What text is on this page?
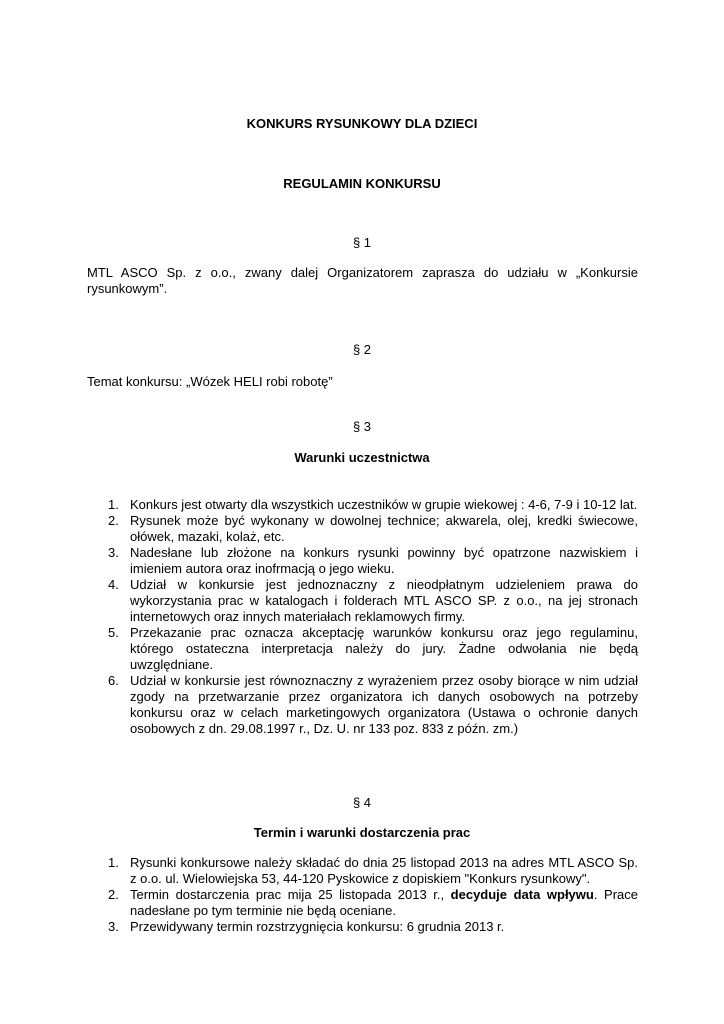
KONKURS RYSUNKOWY DLA DZIECI

REGULAMIN KONKURSU

§ 1

MTL ASCO Sp. z o.o., zwany dalej Organizatorem zaprasza do udziału w „Konkursie rysunkowym”.

§ 2

Temat konkursu: „Wózek HELI robi robotę”

§ 3

Warunki uczestnictwa

1. Konkurs jest otwarty dla wszystkich uczestników w grupie wiekowej : 4-6, 7-9 i 10-12 lat.
2. Rysunek może być wykonany w dowolnej technice; akwarela, olej, kredki świecowe, ołówek, mazaki, kolaż, etc.
3. Nadesłane lub złożone na konkurs rysunki powinny być opatrzone nazwiskiem i imieniem autora oraz inofrmacją o jego wieku.
4. Udział w konkursie jest jednoznaczny z nieodpłatnym udzieleniem prawa do wykorzystania prac w katalogach i folderach MTL ASCO SP. z o.o., na jej stronach internetowych oraz innych materiałach reklamowych firmy.
5. Przekazanie prac oznacza akceptację warunków konkursu oraz jego regulaminu, którego ostateczna interpretacja należy do jury. Żadne odwołania nie będą uwzględniane.
6. Udział w konkursie jest równoznaczny z wyrażeniem przez osoby biorące w nim udział zgody na przetwarzanie przez organizatora ich danych osobowych na potrzeby konkursu oraz w celach marketingowych organizatora (Ustawa o ochronie danych osobowych z dn. 29.08.1997 r., Dz. U. nr 133 poz. 833 z późn. zm.)

§ 4

Termin i warunki dostarczenia prac

1. Rysunki konkursowe należy składać do dnia 25 listopad 2013 na adres MTL ASCO Sp. z o.o. ul. Wielowiejska 53, 44-120 Pyskowice z dopiskiem "Konkurs rysunkowy".
2. Termin dostarczenia prac mija 25 listopada 2013 r., decyduje data wpływu. Prace nadesłane po tym terminie nie będą oceniane.
3. Przewidywany termin rozstrzygnięcia konkursu: 6 grudnia 2013 r.
